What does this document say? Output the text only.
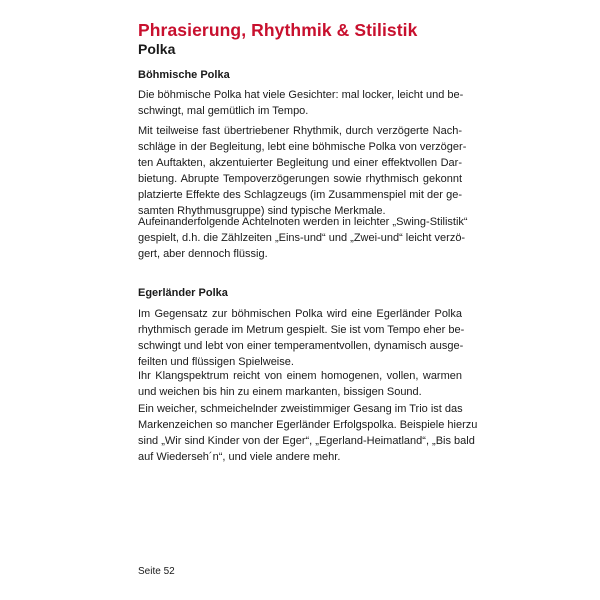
Phrasierung, Rhythmik & Stilistik
Polka
Böhmische Polka
Die böhmische Polka hat viele Gesichter: mal locker, leicht und be-
schwingt, mal gemütlich im Tempo.
Mit teilweise fast übertriebener Rhythmik, durch verzögerte Nach-
schläge in der Begleitung, lebt eine böhmische Polka von verzöger-
ten Auftakten, akzentuierter Begleitung und einer effektvollen Dar-
bietung. Abrupte Tempoverzögerungen sowie rhythmisch gekonnt
platzierte Effekte des Schlagzeugs (im Zusammenspiel mit der ge-
samten Rhythmusgruppe) sind typische Merkmale.
Aufeinanderfolgende Achtelnoten werden in leichter „Swing-Stilistik“
gespielt, d.h. die Zählzeiten „Eins-und“ und „Zwei-und“ leicht verzö-
gert, aber dennoch flüssig.
Egerländer Polka
Im Gegensatz zur böhmischen Polka wird eine Egerländer Polka
rhythmisch gerade im Metrum gespielt. Sie ist vom Tempo eher be-
schwingt und lebt von einer temperamentvollen, dynamisch ausge-
feilten und flüssigen Spielweise.
Ihr Klangspektrum reicht von einem homogenen, vollen, warmen
und weichen bis hin zu einem markanten, bissigen Sound.
Ein weicher, schmeichelnder zweistimmiger Gesang im Trio ist das
Markenzeichen so mancher Egerländer Erfolgspolka. Beispiele hierzu
sind „Wir sind Kinder von der Eger“, „Egerland-Heimatland“, „Bis bald
auf Wiederseh´n“, und viele andere mehr.
Seite 52
